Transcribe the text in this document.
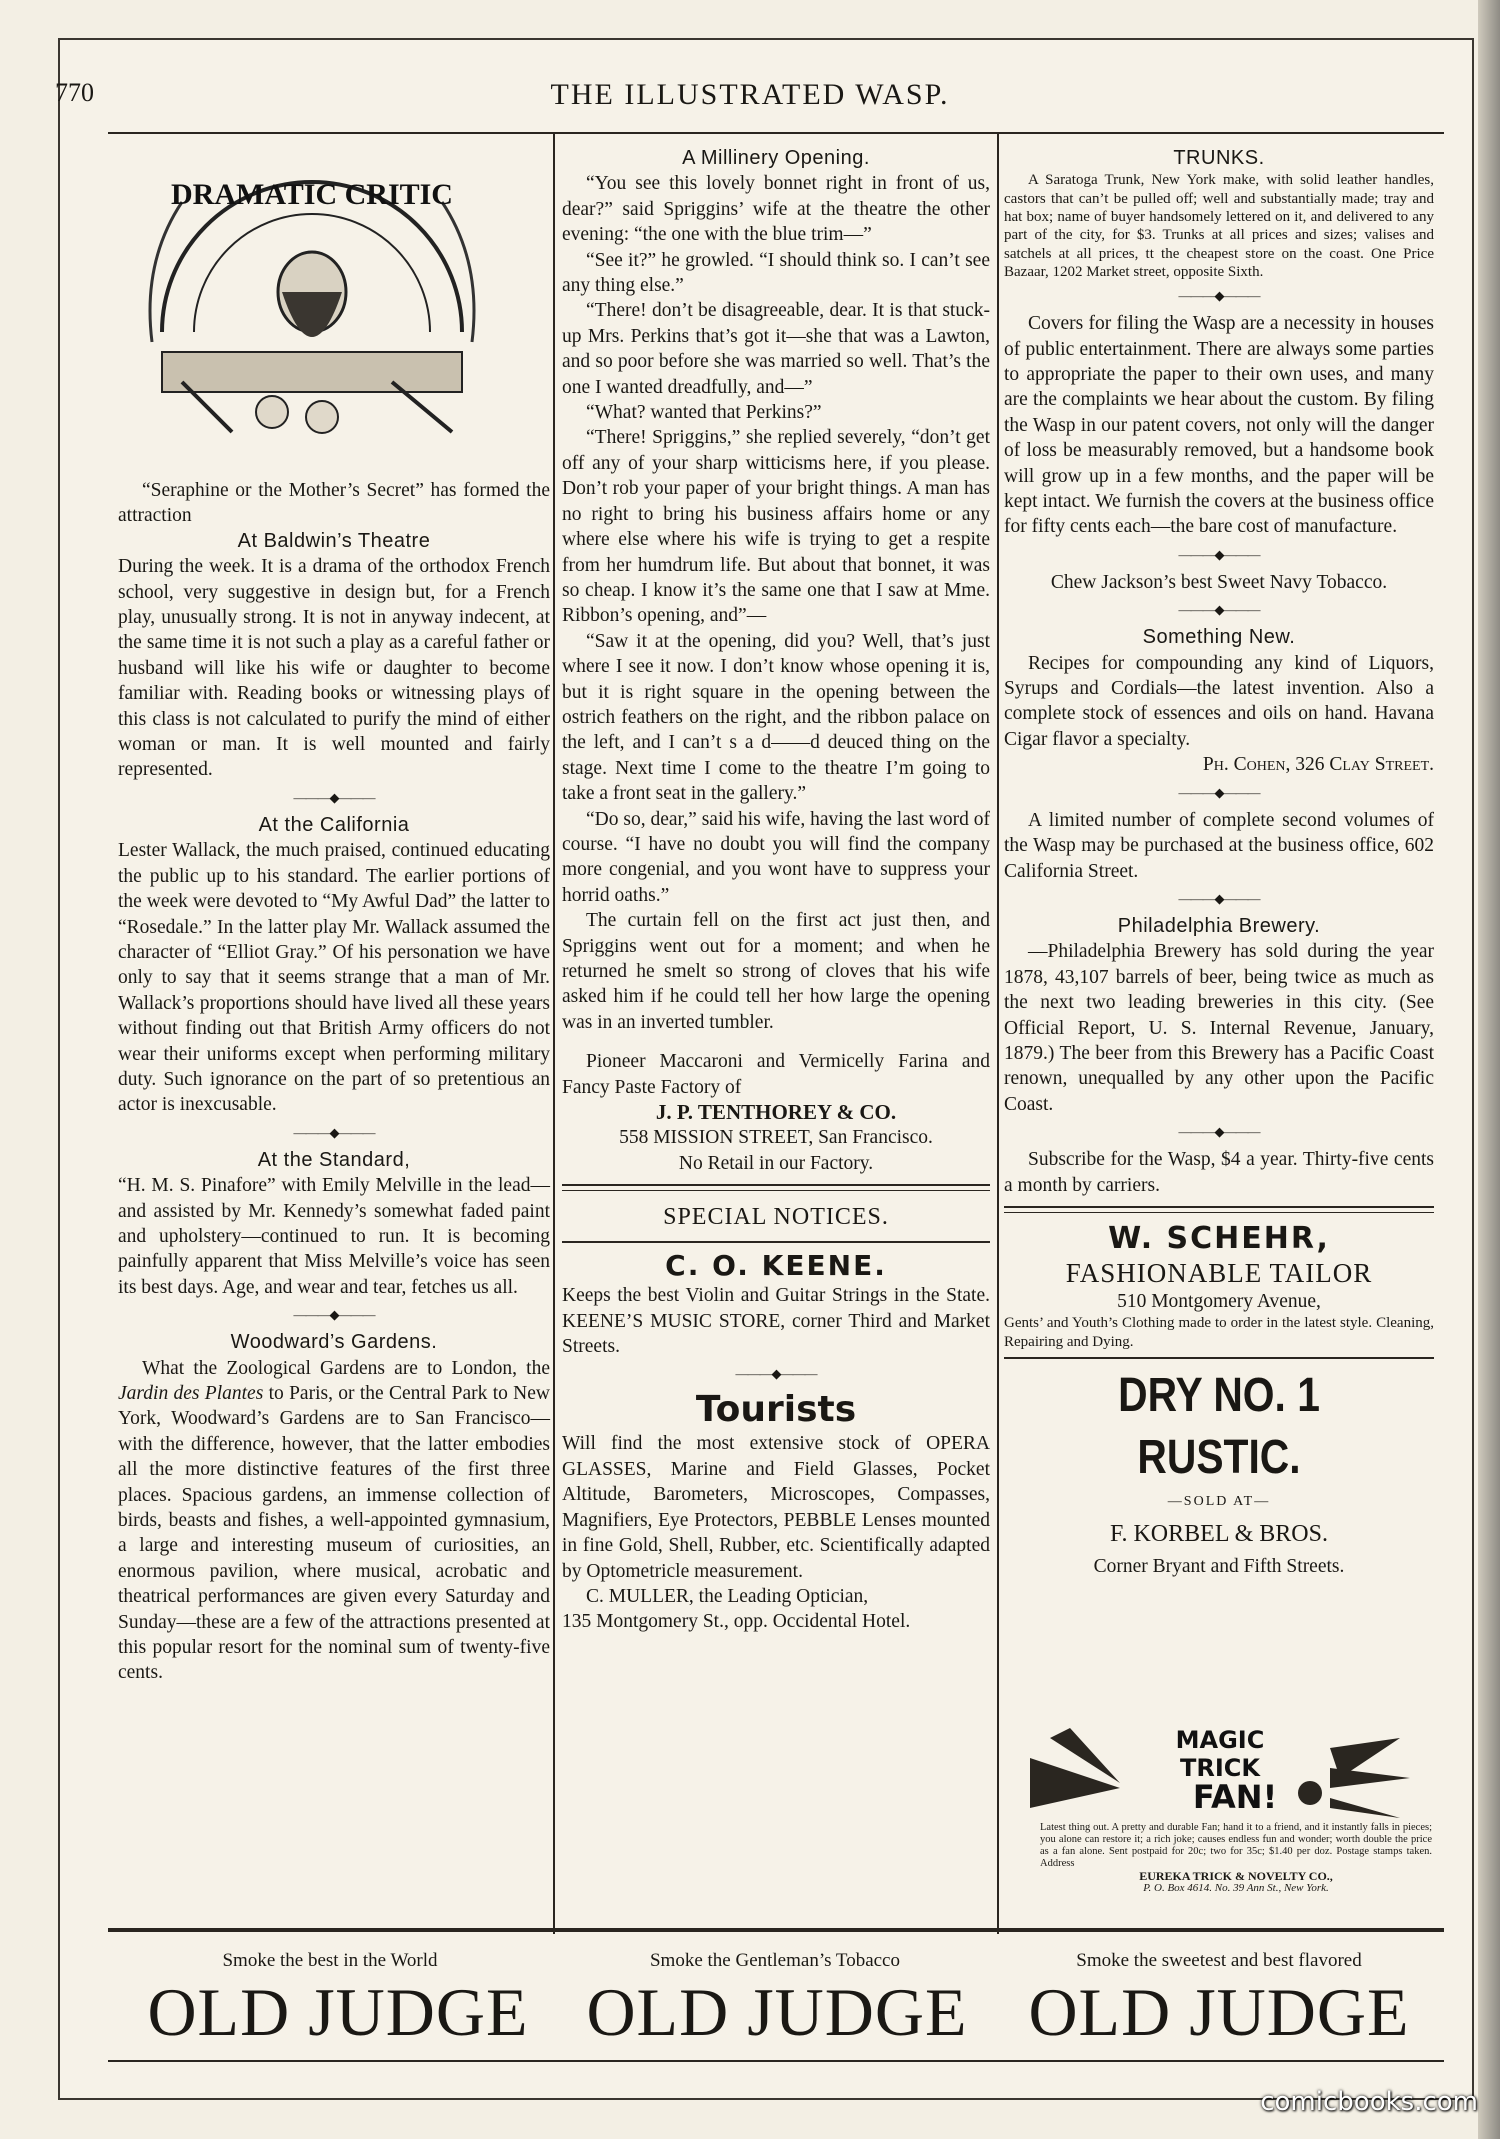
770	THE ILLUSTRATED WASP.
DRAMATIC CRITIC

“Seraphine or the Mother’s Secret” has formed the attraction

At Baldwin’s Theatre

During the week. It is a drama of the orthodox French school, very suggestive in design but, for a French play, unusually strong. It is not in anyway indecent, at the same time it is not such a play as a careful father or husband will like his wife or daughter to become familiar with. Reading books or witnessing plays of this class is not calculated to purify the mind of either woman or man. It is well mounted and fairly represented.

———◆———

At the California

Lester Wallack, the much praised, continued educating the public up to his standard. The earlier portions of the week were devoted to “My Awful Dad” the latter to “Rosedale.” In the latter play Mr. Wallack assumed the character of “Elliot Gray.” Of his personation we have only to say that it seems strange that a man of Mr. Wallack’s proportions should have lived all these years without finding out that British Army officers do not wear their uniforms except when performing military duty. Such ignorance on the part of so pretentious an actor is inexcusable.

———◆———

At the Standard,

“H. M. S. Pinafore” with Emily Melville in the lead—and assisted by Mr. Kennedy’s somewhat faded paint and upholstery—continued to run. It is becoming painfully apparent that Miss Melville’s voice has seen its best days. Age, and wear and tear, fetches us all.

———◆———

Woodward’s Gardens.

What the Zoological Gardens are to London, the Jardin des Plantes to Paris, or the Central Park to New York, Woodward’s Gardens are to San Francisco—with the difference, however, that the latter embodies all the more distinctive features of the first three places. Spacious gardens, an immense collection of birds, beasts and fishes, a well-appointed gymnasium, a large and interesting museum of curiosities, an enormous pavilion, where musical, acrobatic and theatrical performances are given every Saturday and Sunday—these are a few of the attractions presented at this popular resort for the nominal sum of twenty-five cents.

A Millinery Opening.

“You see this lovely bonnet right in front of us, dear?” said Spriggins’ wife at the theatre the other evening: “the one with the blue trim—”

“See it?” he growled. “I should think so. I can’t see any thing else.”

“There! don’t be disagreeable, dear. It is that stuck-up Mrs. Perkins that’s got it—she that was a Lawton, and so poor before she was married so well. That’s the one I wanted dreadfully, and—”

“What? wanted that Perkins?”

“There! Spriggins,” she replied severely, “don’t get off any of your sharp witticisms here, if you please. Don’t rob your paper of your bright things. A man has no right to bring his business affairs home or any where else where his wife is trying to get a respite from her humdrum life. But about that bonnet, it was so cheap. I know it’s the same one that I saw at Mme. Ribbon’s opening, and”—

“Saw it at the opening, did you? Well, that’s just where I see it now. I don’t know whose opening it is, but it is right square in the opening between the ostrich feathers on the right, and the ribbon palace on the left, and I can’t s a d——d deuced thing on the stage. Next time I come to the theatre I’m going to take a front seat in the gallery.”

“Do so, dear,” said his wife, having the last word of course. “I have no doubt you will find the company more congenial, and you wont have to suppress your horrid oaths.”

The curtain fell on the first act just then, and Spriggins went out for a moment; and when he returned he smelt so strong of cloves that his wife asked him if he could tell her how large the opening was in an inverted tumbler.

Pioneer Maccaroni and Vermicelly Farina and Fancy Paste Factory of

J. P. TENTHOREY & CO.

558 MISSION STREET, San Francisco.

No Retail in our Factory.

SPECIAL NOTICES.

C. O. KEENE.

Keeps the best Violin and Guitar Strings in the State. KEENE’S MUSIC STORE, corner Third and Market Streets.

———◆———

Tourists

Will find the most extensive stock of OPERA GLASSES, Marine and Field Glasses, Pocket Altitude, Barometers, Microscopes, Compasses, Magnifiers, Eye Protectors, PEBBLE Lenses mounted in fine Gold, Shell, Rubber, etc. Scientifically adapted by Optometricle measurement.

C. MULLER, the Leading Optician,

135 Montgomery St., opp. Occidental Hotel.

TRUNKS.

A Saratoga Trunk, New York make, with solid leather handles, castors that can’t be pulled off; well and substantially made; tray and hat box; name of buyer handsomely lettered on it, and delivered to any part of the city, for $3. Trunks at all prices and sizes; valises and satchels at all prices, tt the cheapest store on the coast. One Price Bazaar, 1202 Market street, opposite Sixth.

———◆———

Covers for filing the Wasp are a necessity in houses of public entertainment. There are always some parties to appropriate the paper to their own uses, and many are the complaints we hear about the custom. By filing the Wasp in our patent covers, not only will the danger of loss be measurably removed, but a handsome book will grow up in a few months, and the paper will be kept intact. We furnish the covers at the business office for fifty cents each—the bare cost of manufacture.

———◆———

Chew Jackson’s best Sweet Navy Tobacco.

———◆———

Something New.

Recipes for compounding any kind of Liquors, Syrups and Cordials—the latest invention. Also a complete stock of essences and oils on hand. Havana Cigar flavor a specialty.

Ph. Cohen, 326 Clay Street.

———◆———

A limited number of complete second volumes of the Wasp may be purchased at the business office, 602 California Street.

———◆———

Philadelphia Brewery.

—Philadelphia Brewery has sold during the year 1878, 43,107 barrels of beer, being twice as much as the next two leading breweries in this city. (See Official Report, U. S. Internal Revenue, January, 1879.) The beer from this Brewery has a Pacific Coast renown, unequalled by any other upon the Pacific Coast.

———◆———

Subscribe for the Wasp, $4 a year. Thirty-five cents a month by carriers.

W. SCHEHR,

FASHIONABLE TAILOR

510 Montgomery Avenue,

Gents’ and Youth’s Clothing made to order in the latest style. Cleaning, Repairing and Dying.

DRY NO. 1 RUSTIC.

—SOLD AT—

F. KORBEL & BROS.

Corner Bryant and Fifth Streets.

MAGIC
TRICK
FAN!
Latest thing out. A pretty and durable Fan; hand it to a friend, and it instantly falls in pieces; you alone can restore it; a rich joke; causes endless fun and wonder; worth double the price as a fan alone. Sent postpaid for 20c; two for 35c; $1.40 per doz. Postage stamps taken. Address
EUREKA TRICK & NOVELTY CO.,
P. O. Box 4614. No. 39 Ann St., New York.
Smoke the best in the World	Smoke the Gentleman’s Tobacco	Smoke the sweetest and best flavored
OLD JUDGE OLD JUDGE OLD JUDGE
comicbooks.com
